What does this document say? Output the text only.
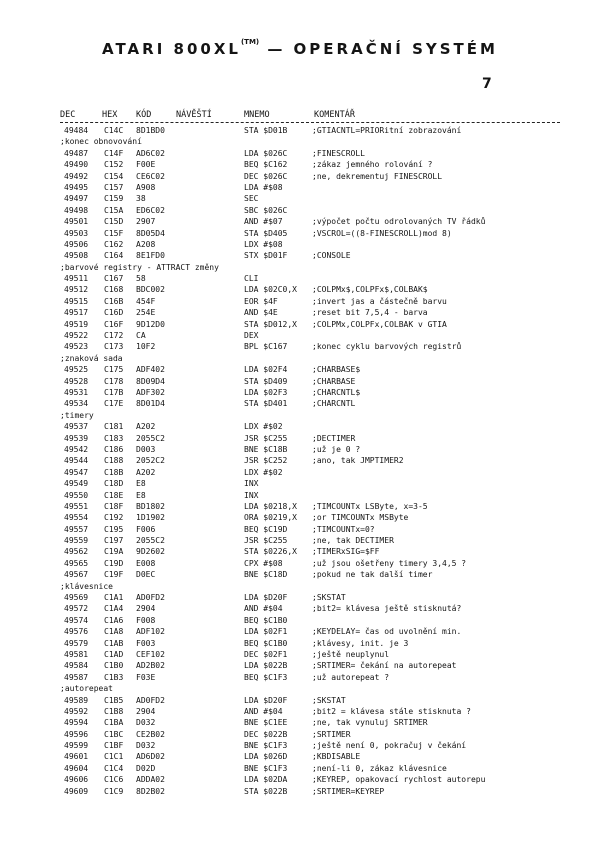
ATARI $800XL^{(TM)}$ — OPERAČNÍ SYSTÉM
7
DEC	HEX KÓD	NÁVĚŠTÍ	MNEMO	KOMENTÁŘ
49484 C14C 8D1BD0	STA $D01B	;GTIACNTL=PRIORitní zobrazování
;konec obnovování
49487 C14F AD6C02	LDA $026C	;FINESCROLL
49490 C152 F00E	BEQ $C162	;zákaz jemného rolování ?
49492 C154 CE6C02	DEC $026C	;ne, dekrementuj FINESCROLL
49495 C157 A908	LDA #$08
49497 C159 38	SEC
49498 C15A ED6C02	SBC $026C
49501 C15D 2907	AND #$07	;výpočet počtu odrolovaných TV řádků
49503 C15F 8D05D4	STA $D405	;VSCROL=((8-FINESCROLL)mod 8)
49506 C162 A208	LDX #$08
49508 C164 8E1FD0	STX $D01F	;CONSOLE
;barvové registry - ATTRACT změny
49511 C167 58	CLI
49512 C168 BDC002	LDA $02C0,X ;COLPMx$,COLPFx$,COLBAK$
49515 C16B 454F	EOR $4F	;invert jas a částečně barvu
49517 C16D 254E	AND $4E	;reset bit 7,5,4 - barva
49519 C16F 9D12D0	STA $D012,X ;COLPMx,COLPFx,COLBAK v GTIA
49522 C172 CA	DEX
49523 C173 10F2	BPL $C167	;konec cyklu barvových registrů
;znaková sada
49525 C175 ADF402	LDA $02F4	;CHARBASE$
49528 C178 8D09D4	STA $D409	;CHARBASE
49531 C17B ADF302	LDA $02F3	;CHARCNTL$
49534 C17E 8D01D4	STA $D401	;CHARCNTL
;timery
49537 C181 A202	LDX #$02
49539 C183 2055C2	JSR $C255	;DECTIMER
49542 C186 D003	BNE $C18B	;už je 0 ?
49544 C188 2052C2	JSR $C252	;ano, tak JMPTIMER2
49547 C18B A202	LDX #$02
49549 C18D E8	INX
49550 C18E E8	INX
49551 C18F BD1802	LDA $0218,X ;TIMCOUNTx LSByte, x=3-5
49554 C192 1D1902	ORA $0219,X ;or TIMCOUNTx MSByte
49557 C195 F006	BEQ $C19D	;TIMCOUNTx=0?
49559 C197 2055C2	JSR $C255	;ne, tak DECTIMER
49562 C19A 9D2602	STA $0226,X ;TIMERxSIG=$FF
49565 C19D E008	CPX #$08	;už jsou ošetřeny timery 3,4,5 ?
49567 C19F D0EC	BNE $C18D	;pokud ne tak další timer
;klávesnice
49569 C1A1 AD0FD2	LDA $D20F	;SKSTAT
49572 C1A4 2904	AND #$04	;bit2= klávesa ještě stisknutá?
49574 C1A6 F008	BEQ $C1B0
49576 C1A8 ADF102	LDA $02F1	;KEYDELAY= čas od uvolnění min.
49579 C1AB F003	BEQ $C1B0	;klávesy, init. je 3
49581 C1AD CEF102	DEC $02F1	;ještě neuplynul
49584 C1B0 AD2B02	LDA $022B	;SRTIMER= čekání na autorepeat
49587 C1B3 F03E	BEQ $C1F3	;už autorepeat ?
;autorepeat
49589 C1B5 AD0FD2	LDA $D20F	;SKSTAT
49592 C1B8 2904	AND #$04	;bit2 = klávesa stále stisknuta ?
49594 C1BA D032	BNE $C1EE	;ne, tak vynuluj SRTIMER
49596 C1BC CE2B02	DEC $022B	;SRTIMER
49599 C1BF D032	BNE $C1F3	;ještě není 0, pokračuj v čekání
49601 C1C1 AD6D02	LDA $026D	;KBDISABLE
49604 C1C4 D02D	BNE $C1F3	;není-li 0, zákaz klávesnice
49606 C1C6 ADDA02	LDA $02DA	;KEYREP, opakovací rychlost autorepu
49609 C1C9 8D2B02	STA $022B	;SRTIMER=KEYREP
